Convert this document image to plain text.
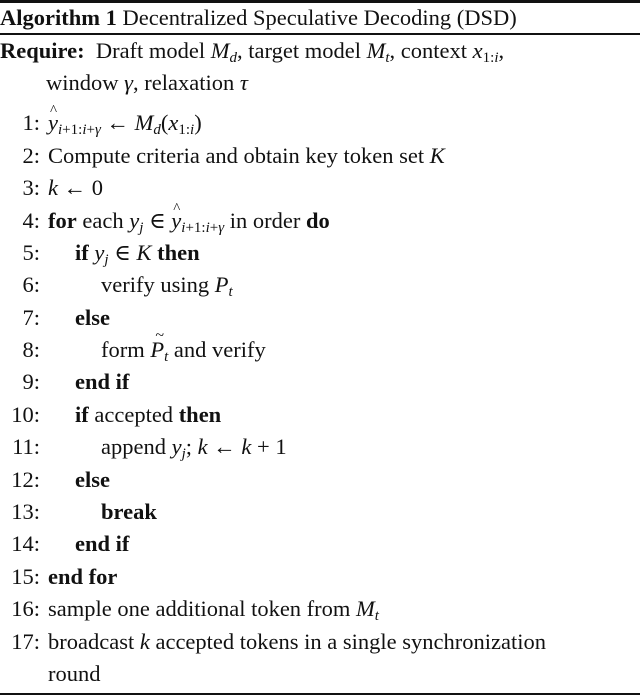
Algorithm 1 Decentralized Speculative Decoding (DSD)
Require: Draft model $M_d$, target model $M_t$, context $x_{1:i}$,
window γ, relaxation τ
1: ^ $y_{i+1:i+\gamma}$ ← $M_d(x_{1:i})$
2: Compute criteria and obtain key token set K
3: k ← 0
4: for each $y_j$ ∈ ^ $y_{i+1:i+\gamma}$ in order do
5: if $y_j$ ∈ K then
6:	verify using $P_t$
7: else
8:	form ~ $P_t$ and verify
9: end if
10: if accepted then
11:	append $y_j$; k ← k + 1
12: else
13:	break
14: end if
15: end for
16: sample one additional token from $M_t$
17: broadcast k accepted tokens in a single synchronization
round
